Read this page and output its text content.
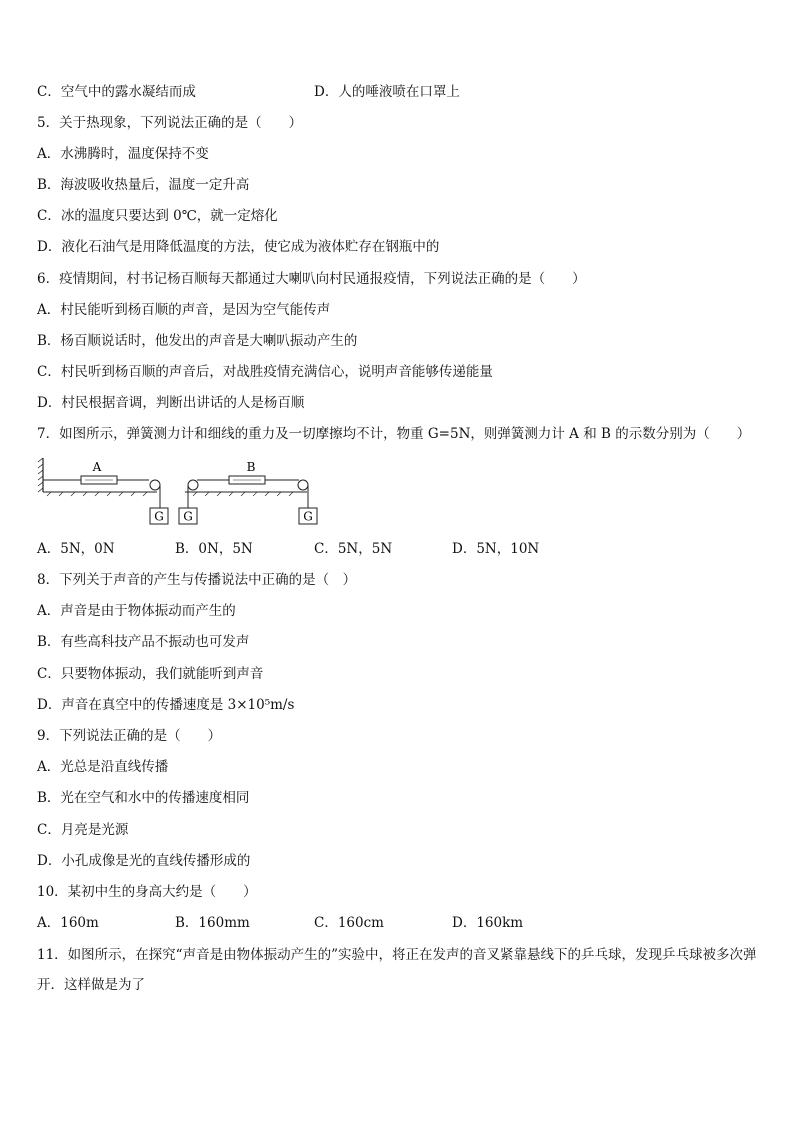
C．空气中的露水凝结而成	D．人的唾液喷在口罩上
5．关于热现象，下列说法正确的是（　　）
A．水沸腾时，温度保持不变
B．海波吸收热量后，温度一定升高
C．冰的温度只要达到 0℃，就一定熔化
D．液化石油气是用降低温度的方法，使它成为液体贮存在钢瓶中的
6．疫情期间，村书记杨百顺每天都通过大喇叭向村民通报疫情，下列说法正确的是（　　）
A．村民能听到杨百顺的声音，是因为空气能传声
B．杨百顺说话时，他发出的声音是大喇叭振动产生的
C．村民听到杨百顺的声音后，对战胜疫情充满信心，说明声音能够传递能量
D．村民根据音调，判断出讲话的人是杨百顺
7．如图所示，弹簧测力计和细线的重力及一切摩擦均不计，物重 G=5N，则弹簧测力计 A 和 B 的示数分别为（　　）
A
G G
B
G
A．5N，0N	B．0N，5N	C．5N，5N	D．5N，10N
8．下列关于声音的产生与传播说法中正确的是（　）
A．声音是由于物体振动而产生的
B．有些高科技产品不振动也可发声
C．只要物体振动，我们就能听到声音
D．声音在真空中的传播速度是 3×10⁵m/s
9．下列说法正确的是（　　）
A．光总是沿直线传播
B．光在空气和水中的传播速度相同
C．月亮是光源
D．小孔成像是光的直线传播形成的
10．某初中生的身高大约是（　　）
A．160m	B．160mm	C．160cm	D．160km
11．如图所示，在探究“声音是由物体振动产生的”实验中，将正在发声的音叉紧靠悬线下的乒乓球，发现乒乓球被多次弹开．这样做是为了
